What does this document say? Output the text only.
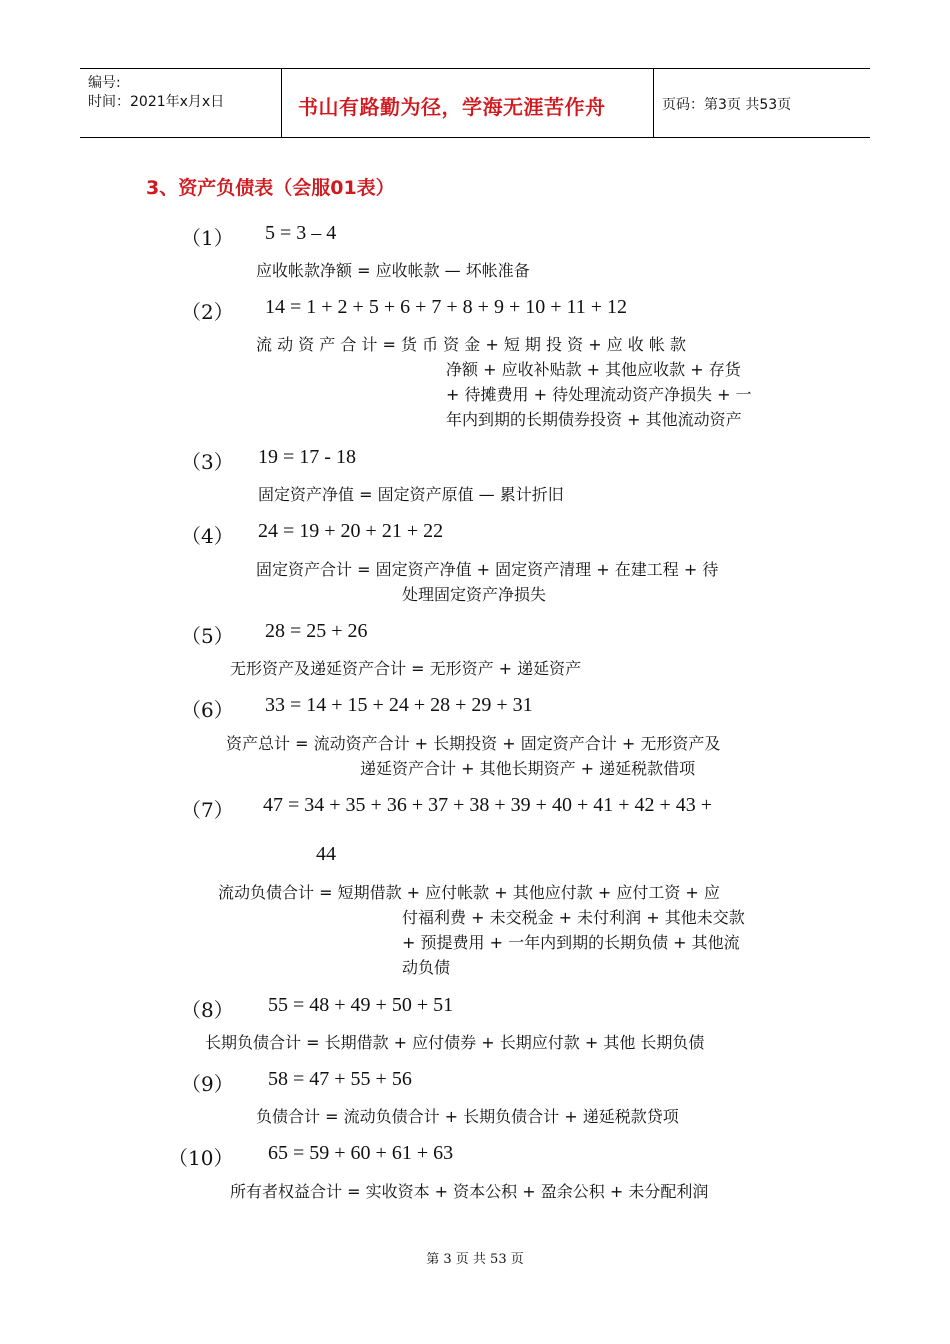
编号:
时间：2021年x月x日	书山有路勤为径，学海无涯苦作舟	页码：第3页 共53页
3、资产负债表（会服01表）
（1） 5 = 3 – 4
应收帐款净额 = 应收帐款 — 坏帐准备
（2） 14 = 1 + 2 + 5 + 6 + 7 + 8 + 9 + 10 + 11 + 12
流 动 资 产 合 计 = 货 币 资 金 + 短 期 投 资 + 应 收 帐 款
净额 + 应收补贴款 + 其他应收款 + 存货
+ 待摊费用 + 待处理流动资产净损失 + 一
年内到期的长期债券投资 + 其他流动资产
（3） 19 = 17 - 18
固定资产净值 = 固定资产原值 — 累计折旧
（4） 24 = 19 + 20 + 21 + 22
固定资产合计 = 固定资产净值 + 固定资产清理 + 在建工程 + 待
处理固定资产净损失
（5） 28 = 25 + 26
无形资产及递延资产合计 = 无形资产 + 递延资产
（6） 33 = 14 + 15 + 24 + 28 + 29 + 31
资产总计 = 流动资产合计 + 长期投资 + 固定资产合计 + 无形资产及
递延资产合计 + 其他长期资产 + 递延税款借项
（7） 47 = 34 + 35 + 36 + 37 + 38 + 39 + 40 + 41 + 42 + 43 +
44
流动负债合计 = 短期借款 + 应付帐款 + 其他应付款 + 应付工资 + 应
付福利费 + 未交税金 + 未付利润 + 其他未交款
+ 预提费用 + 一年内到期的长期负债 + 其他流
动负债
（8） 55 = 48 + 49 + 50 + 51
长期负债合计 = 长期借款 + 应付债券 + 长期应付款 + 其他 长期负债
（9） 58 = 47 + 55 + 56
负债合计 = 流动负债合计 + 长期负债合计 + 递延税款贷项
（10） 65 = 59 + 60 + 61 + 63
所有者权益合计 = 实收资本 + 资本公积 + 盈余公积 + 未分配利润
第 3 页 共 53 页
